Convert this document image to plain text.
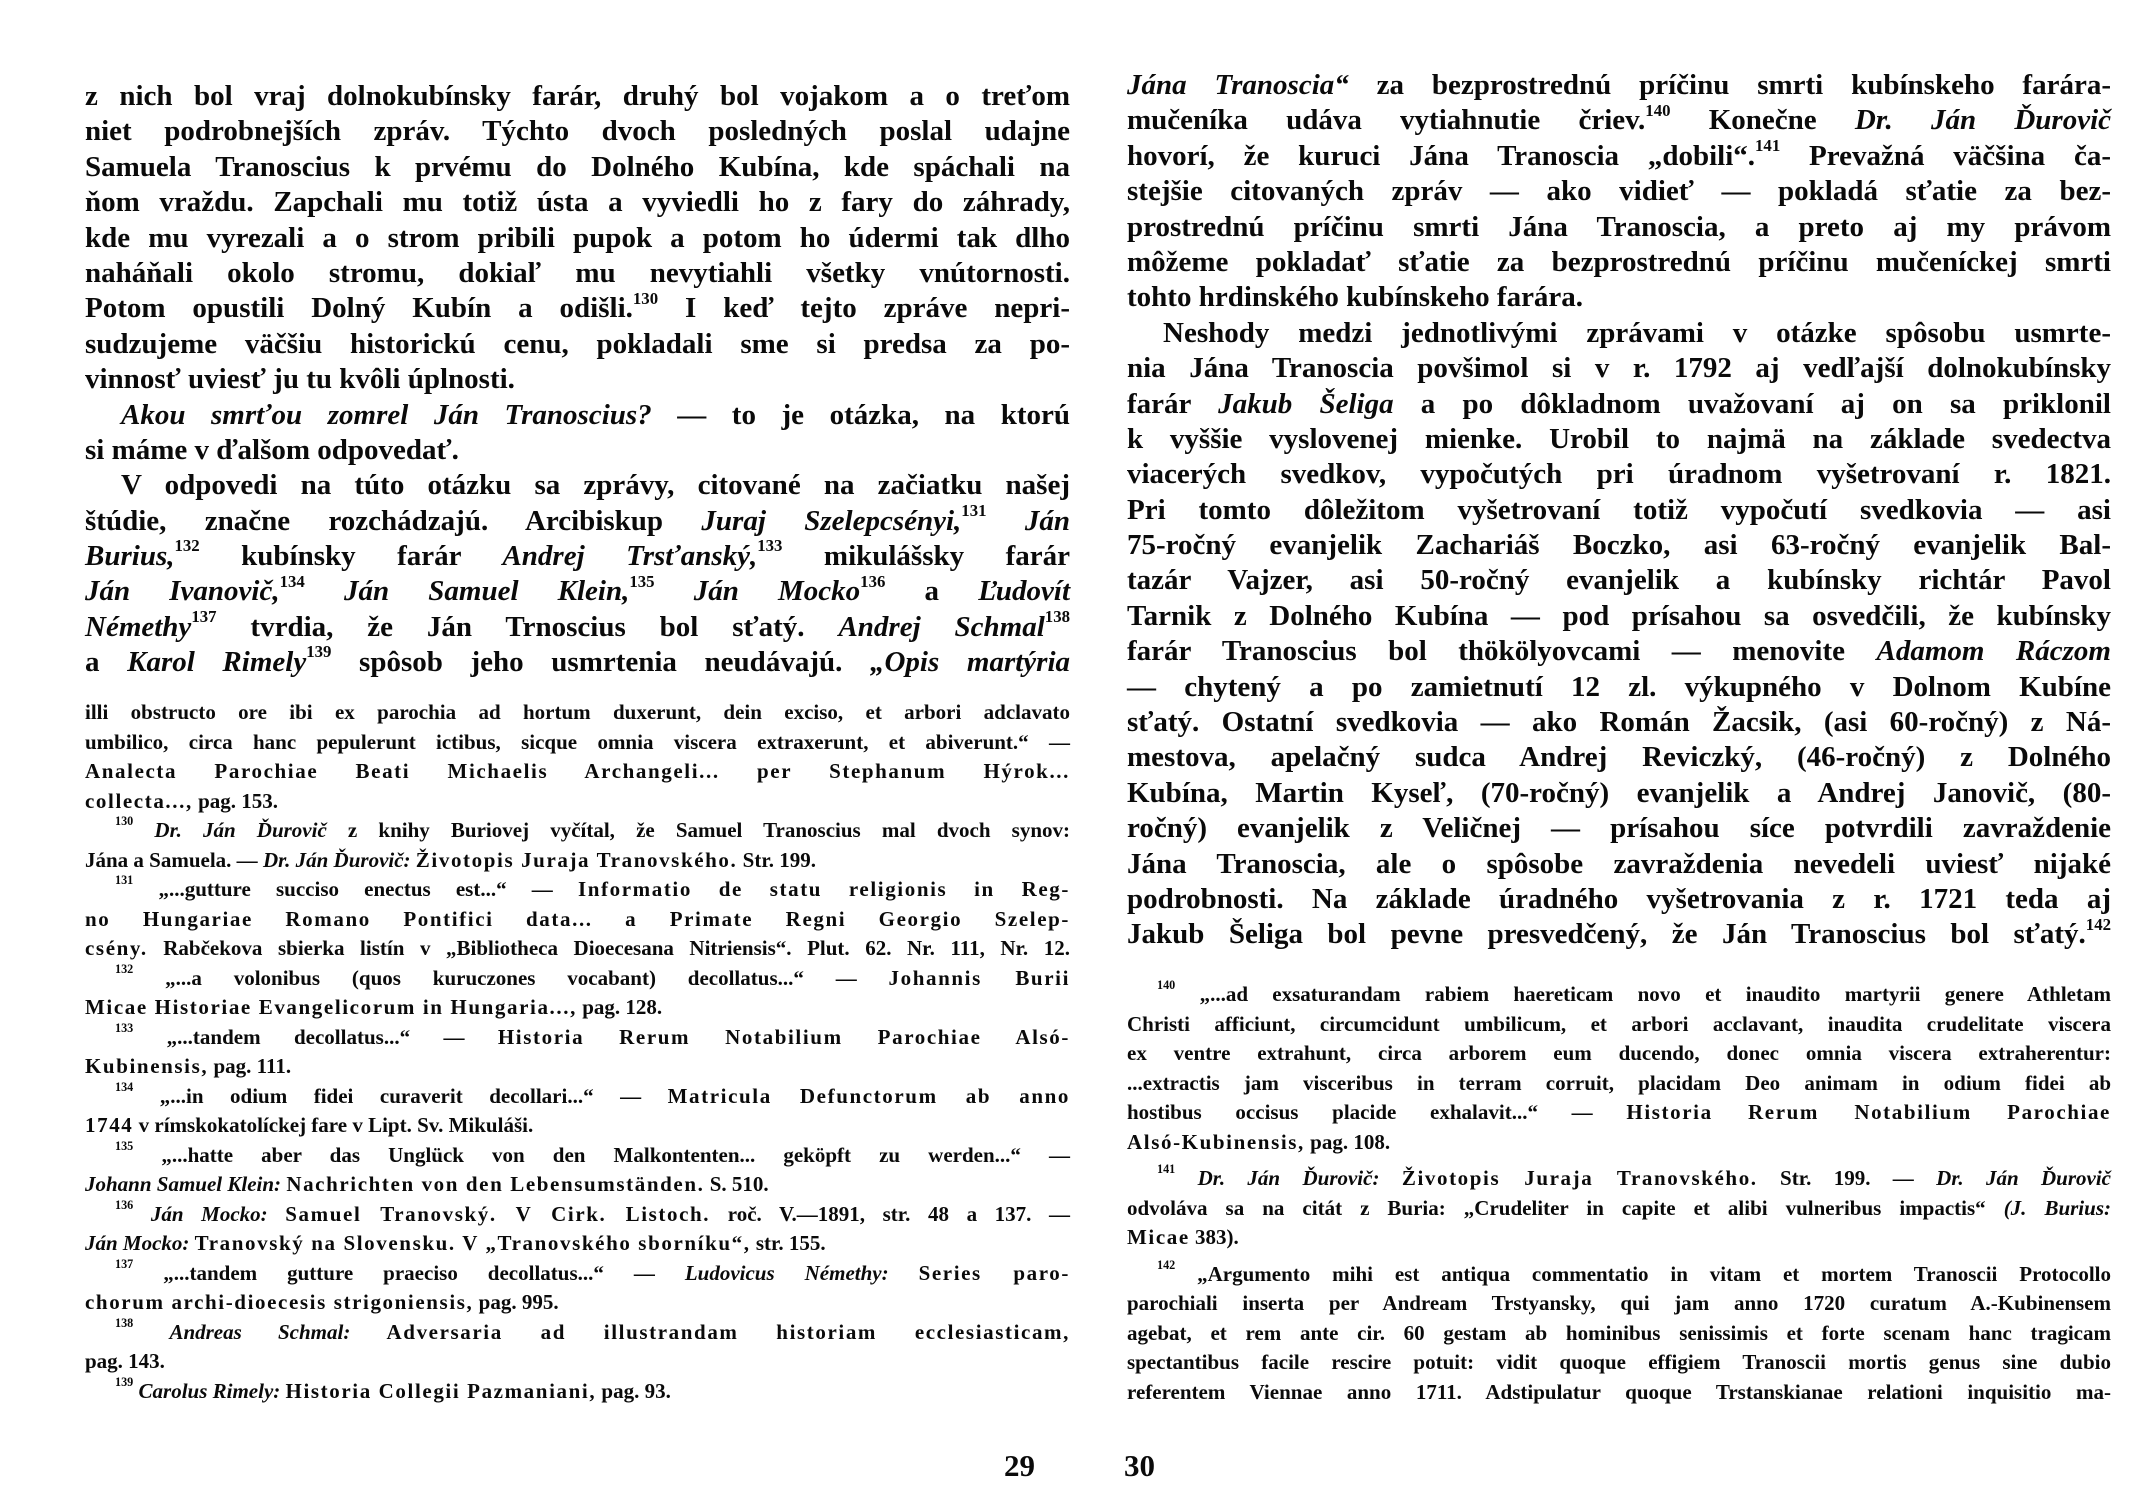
z nich bol vraj dolnokubínsky farár, druhý bol vojakom a o treťom
niet podrobnejších zpráv. Týchto dvoch posledných poslal udajne
Samuela Tranoscius k prvému do Dolného Kubína, kde spáchali na
ňom vraždu. Zapchali mu totiž ústa a vyviedli ho z fary do záhrady,
kde mu vyrezali a o strom pribili pupok a potom ho údermi tak dlho
naháňali okolo stromu, dokiaľ mu nevytiahli všetky vnútornosti.
Potom opustili Dolný Kubín a odišli.$^{130}$ I keď tejto zpráve nepri-
sudzujeme väčšiu historickú cenu, pokladali sme si predsa za po-
vinnosť uviesť ju tu kvôli úplnosti.
Akou smrťou zomrel Ján Tranoscius? — to je otázka, na ktorú
si máme v ďalšom odpovedať.
V odpovedi na túto otázku sa zprávy, citované na začiatku našej
štúdie, značne rozchádzajú. Arcibiskup Juraj Szelepcsényi,$^{131}$ Ján
Burius,$^{132}$ kubínsky farár Andrej Trsťanský,$^{133}$ mikulášsky farár
Ján Ivanovič,$^{134}$ Ján Samuel Klein,$^{135}$ Ján Mocko$^{136}$ a Ľudovít
Némethy$^{137}$ tvrdia, že Ján Trnoscius bol sťatý. Andrej Schmal$^{138}$
a Karol Rimely$^{139}$ spôsob jeho usmrtenia neudávajú. „Opis martýria
illi obstructo ore ibi ex parochia ad hortum duxerunt, dein exciso, et arbori adclavato
umbilico, circa hanc pepulerunt ictibus, sicque omnia viscera extraxerunt, et abiverunt.“ —
Analecta Parochiae Beati Michaelis Archangeli... per Stephanum Hýrok...
collecta..., pag. 153.
$^{130}$ Dr. Ján Ďurovič z knihy Buriovej vyčítal, že Samuel Tranoscius mal dvoch synov:
Jána a Samuela. — Dr. Ján Ďurovič: Životopis Juraja Tranovského. Str. 199.
$^{131}$ „...gutture succiso enectus est...“ — Informatio de statu religionis in Reg-
no Hungariae Romano Pontifici data... a Primate Regni Georgio Szelep-
csény. Rabčekova sbierka listín v „Bibliotheca Dioecesana Nitriensis“. Plut. 62. Nr. 111, Nr. 12.
$^{132}$ „...a volonibus (quos kuruczones vocabant) decollatus...“ — Johannis Burii
Micae Historiae Evangelicorum in Hungaria..., pag. 128.
$^{133}$ „...tandem decollatus...“ — Historia Rerum Notabilium Parochiae Alsó-
Kubinensis, pag. 111.
$^{134}$ „...in odium fidei curaverit decollari...“ — Matricula Defunctorum ab anno
1744 v rímskokatolíckej fare v Lipt. Sv. Mikuláši.
$^{135}$ „...hatte aber das Unglück von den Malkontenten... geköpft zu werden...“ —
Johann Samuel Klein: Nachrichten von den Lebensumständen. S. 510.
$^{136}$ Ján Mocko: Samuel Tranovský. V Cirk. Listoch. roč. V.—1891, str. 48 a 137. —
Ján Mocko: Tranovský na Slovensku. V „Tranovského sborníku“, str. 155.
$^{137}$ „...tandem gutture praeciso decollatus...“ — Ludovicus Némethy: Series paro-
chorum archi-dioecesis strigoniensis, pag. 995.
$^{138}$ Andreas Schmal: Adversaria ad illustrandam historiam ecclesiasticam,
pag. 143.
$^{139}$ Carolus Rimely: Historia Collegii Pazmaniani, pag. 93.
Jána Tranoscia“ za bezprostrednú príčinu smrti kubínskeho farára-
mučeníka udáva vytiahnutie čriev.$^{140}$ Konečne Dr. Ján Ďurovič
hovorí, že kuruci Jána Tranoscia „dobili“.$^{141}$ Prevažná väčšina ča-
stejšie citovaných zpráv — ako vidieť — pokladá sťatie za bez-
prostrednú príčinu smrti Jána Tranoscia, a preto aj my právom
môžeme pokladať sťatie za bezprostrednú príčinu mučeníckej smrti
tohto hrdinského kubínskeho farára.
Neshody medzi jednotlivými zprávami v otázke spôsobu usmrte-
nia Jána Tranoscia povšimol si v r. 1792 aj vedľajší dolnokubínsky
farár Jakub Šeliga a po dôkladnom uvažovaní aj on sa priklonil
k vyššie vyslovenej mienke. Urobil to najmä na základe svedectva
viacerých svedkov, vypočutých pri úradnom vyšetrovaní r. 1821.
Pri tomto dôležitom vyšetrovaní totiž vypočutí svedkovia — asi
75-ročný evanjelik Zachariáš Boczko, asi 63-ročný evanjelik Bal-
tazár Vajzer, asi 50-ročný evanjelik a kubínsky richtár Pavol
Tarnik z Dolného Kubína — pod prísahou sa osvedčili, že kubínsky
farár Tranoscius bol thökölyovcami — menovite Adamom Ráczom
— chytený a po zamietnutí 12 zl. výkupného v Dolnom Kubíne
sťatý. Ostatní svedkovia — ako Román Žacsik, (asi 60-ročný) z Ná-
mestova, apelačný sudca Andrej Reviczký, (46-ročný) z Dolného
Kubína, Martin Kyseľ, (70-ročný) evanjelik a Andrej Janovič, (80-
ročný) evanjelik z Veličnej — prísahou síce potvrdili zavraždenie
Jána Tranoscia, ale o spôsobe zavraždenia nevedeli uviesť nijaké
podrobnosti. Na základe úradného vyšetrovania z r. 1721 teda aj
Jakub Šeliga bol pevne presvedčený, že Ján Tranoscius bol sťatý.$^{142}$
$^{140}$ „...ad exsaturandam rabiem haereticam novo et inaudito martyrii genere Athletam
Christi afficiunt, circumcidunt umbilicum, et arbori acclavant, inaudita crudelitate viscera
ex ventre extrahunt, circa arborem eum ducendo, donec omnia viscera extraherentur:
...extractis jam visceribus in terram corruit, placidam Deo animam in odium fidei ab
hostibus occisus placide exhalavit...“ — Historia Rerum Notabilium Parochiae
Alsó-Kubinensis, pag. 108.
$^{141}$ Dr. Ján Ďurovič: Životopis Juraja Tranovského. Str. 199. — Dr. Ján Ďurovič
odvoláva sa na citát z Buria: „Crudeliter in capite et alibi vulneribus impactis“ (J. Burius:
Micae 383).
$^{142}$ „Argumento mihi est antiqua commentatio in vitam et mortem Tranoscii Protocollo
parochiali inserta per Andream Trstyansky, qui jam anno 1720 curatum A.-Kubinensem
agebat, et rem ante cir. 60 gestam ab hominibus senissimis et forte scenam hanc tragicam
spectantibus facile rescire potuit: vidit quoque effigiem Tranoscii mortis genus sine dubio
referentem Viennae anno 1711. Adstipulatur quoque Trstanskianae relationi inquisitio ma-
29	30
